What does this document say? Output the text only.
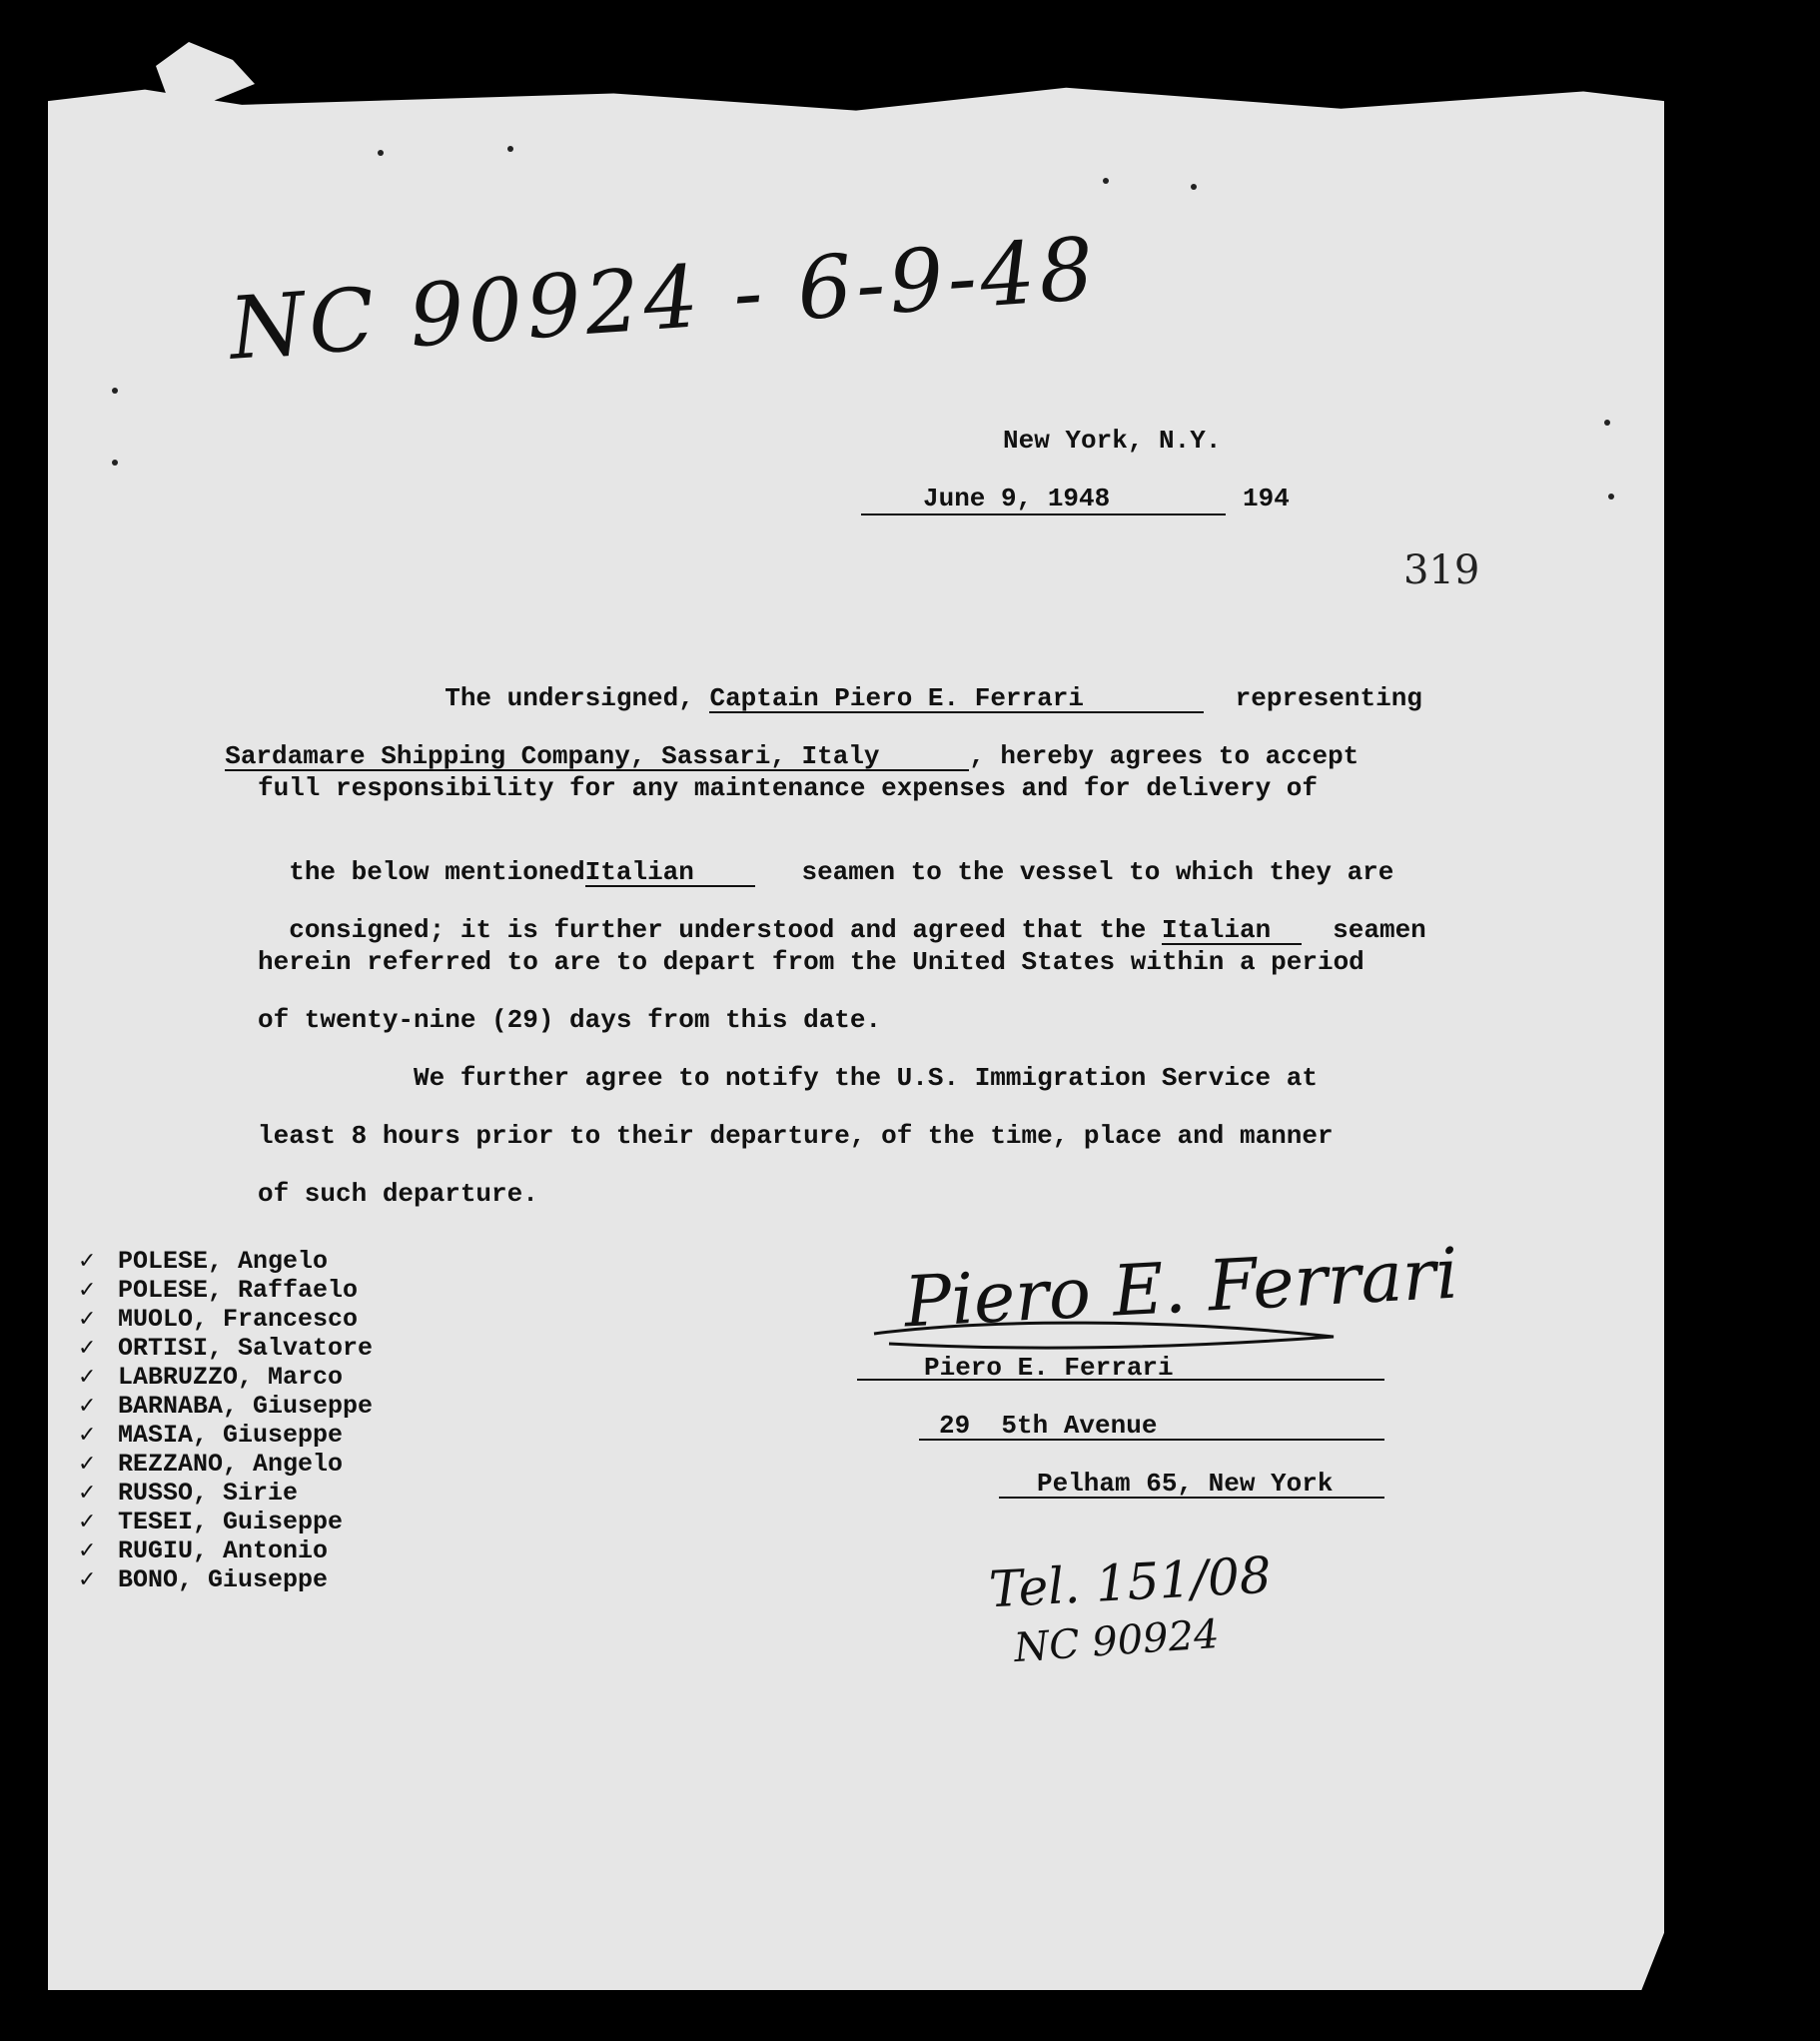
NC 90924 - 6-9-48
New York, N.Y.
June 9, 1948	194
319

The undersigned, Captain Piero E. Ferrari	representing

Sardamare Shipping Company, Sassari, Italy	, hereby agrees to accept

full responsibility for any maintenance expenses and for delivery of

the below mentionedItalian   seamen to the vessel to which they are

consigned; it is further understood and agreed that the Italian  seamen

herein referred to are to depart from the United States within a period
of twenty-nine (29) days from this date.
We further agree to notify the U.S. Immigration Service at
least 8 hours prior to their departure, of the time, place and manner
of such departure.
✓ POLESE, Angelo
✓ POLESE, Raffaelo
✓ MUOLO, Francesco
✓ ORTISI, Salvatore
✓ LABRUZZO, Marco
✓ BARNABA, Giuseppe
✓ MASIA, Giuseppe
✓ REZZANO, Angelo
✓ RUSSO, Sirie
✓ TESEI, Guiseppe
✓ RUGIU, Antonio
✓ BONO, Giuseppe
Piero E. Ferrari
Piero E. Ferrari
29  5th Avenue
Pelham 65, New York
Tel. 151/08
NC 90924
